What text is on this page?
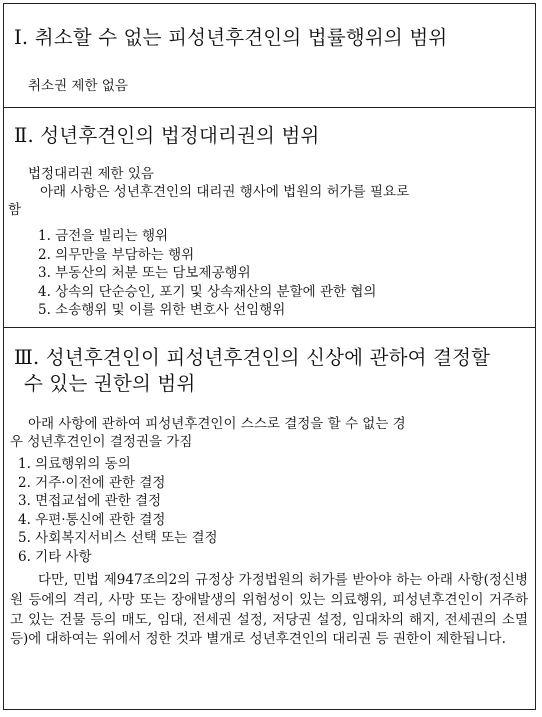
Ⅰ. 취소할 수 없는 피성년후견인의 법률행위의 범위

취소권 제한 없음

Ⅱ. 성년후견인의 법정대리권의 범위

법정대리권 제한 있음

아래 사항은 성년후견인의 대리권 행사에 법원의 허가를 필요로

함

1. 금전을 빌리는 행위
2. 의무만을 부담하는 행위
3. 부동산의 처분 또는 담보제공행위
4. 상속의 단순승인, 포기 및 상속재산의 분할에 관한 협의
5. 소송행위 및 이를 위한 변호사 선임행위
Ⅲ. 성년후견인이 피성년후견인의 신상에 관하여 결정할
수 있는 권한의 범위

아래 사항에 관하여 피성년후견인이 스스로 결정을 할 수 없는 경

우 성년후견인이 결정권을 가짐

1. 의료행위의 동의
2. 거주·이전에 관한 결정
3. 면접교섭에 관한 결정
4. 우편·통신에 관한 결정
5. 사회복지서비스 선택 또는 결정
6. 기타 사항

다만, 민법 제947조의2의 규정상 가정법원의 허가를 받아야 하는 아래 사항(정신병원 등에의 격리, 사망 또는 장애발생의 위험성이 있는 의료행위, 피성년후견인이 거주하고 있는 건물 등의 매도, 임대, 전세권 설정, 저당권 설정, 임대차의 해지, 전세권의 소멸 등)에 대하여는 위에서 정한 것과 별개로 성년후견인의 대리권 등 권한이 제한됩니다.
